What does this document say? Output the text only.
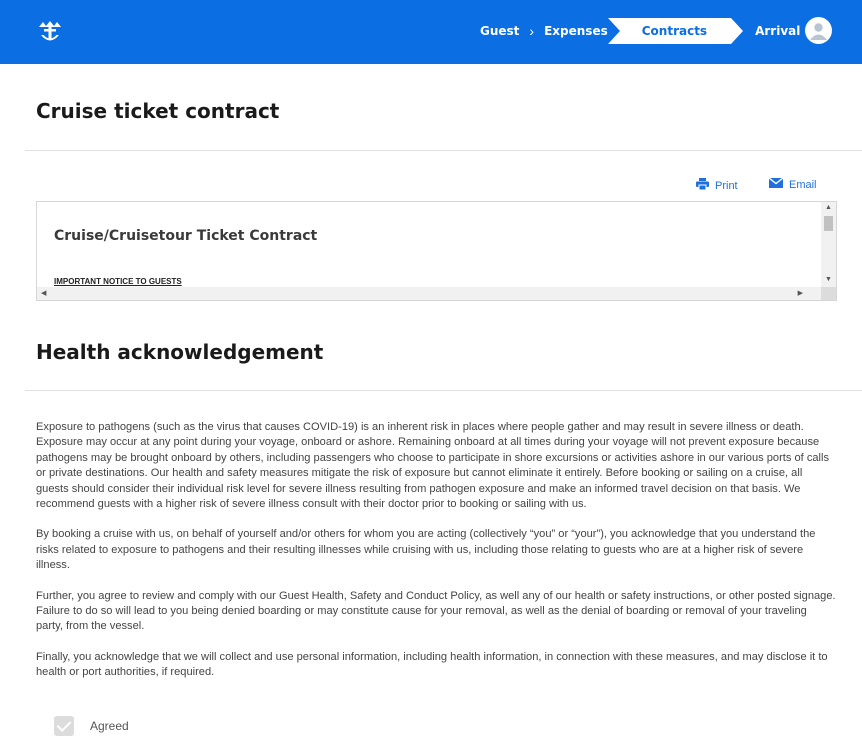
Guest › Expenses	Contracts	Arrival
Cruise ticket contract
Print	Email
Cruise/Cruisetour Ticket Contract
IMPORTANT NOTICE TO GUESTS
▲
▼
◀	▶
Health acknowledgement

Exposure to pathogens (such as the virus that causes COVID-19) is an inherent risk in places where people gather and may result in severe illness or death. Exposure may occur at any point during your voyage, onboard or ashore. Remaining onboard at all times during your voyage will not prevent exposure because pathogens may be brought onboard by others, including passengers who choose to participate in shore excursions or activities ashore in our various ports of calls or private destinations. Our health and safety measures mitigate the risk of exposure but cannot eliminate it entirely. Before booking or sailing on a cruise, all guests should consider their individual risk level for severe illness resulting from pathogen exposure and make an informed travel decision on that basis. We recommend guests with a higher risk of severe illness consult with their doctor prior to booking or sailing with us.

By booking a cruise with us, on behalf of yourself and/or others for whom you are acting (collectively “you” or “your”), you acknowledge that you understand the risks related to exposure to pathogens and their resulting illnesses while cruising with us, including those relating to guests who are at a higher risk of severe illness.

Further, you agree to review and comply with our Guest Health, Safety and Conduct Policy, as well any of our health or safety instructions, or other posted signage. Failure to do so will lead to you being denied boarding or may constitute cause for your removal, as well as the denial of boarding or removal of your traveling party, from the vessel.

Finally, you acknowledge that we will collect and use personal information, including health information, in connection with these measures, and may disclose it to health or port authorities, if required.

Agreed
